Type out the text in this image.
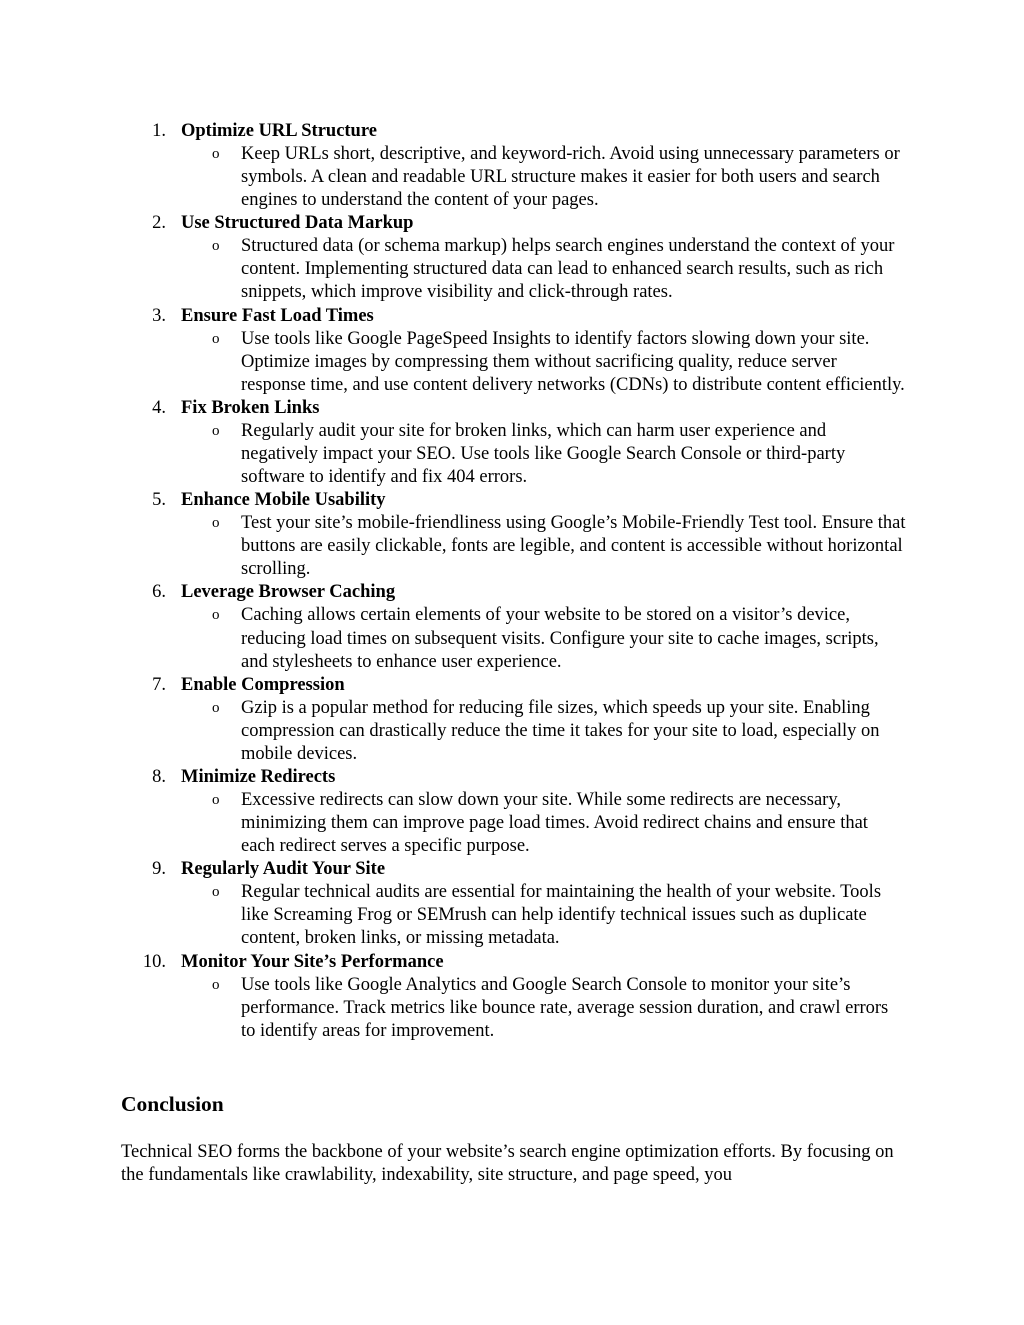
1. Optimize URL Structure
o Keep URLs short, descriptive, and keyword-rich. Avoid using unnecessary parameters or symbols. A clean and readable URL structure makes it easier for both users and search engines to understand the content of your pages.

2. Use Structured Data Markup
o Structured data (or schema markup) helps search engines understand the context of your content. Implementing structured data can lead to enhanced search results, such as rich snippets, which improve visibility and click-through rates.

3. Ensure Fast Load Times
o Use tools like Google PageSpeed Insights to identify factors slowing down your site. Optimize images by compressing them without sacrificing quality, reduce server response time, and use content delivery networks (CDNs) to distribute content efficiently.

4. Fix Broken Links
o Regularly audit your site for broken links, which can harm user experience and negatively impact your SEO. Use tools like Google Search Console or third-party software to identify and fix 404 errors.

5. Enhance Mobile Usability
o Test your site’s mobile-friendliness using Google’s Mobile-Friendly Test tool. Ensure that buttons are easily clickable, fonts are legible, and content is accessible without horizontal scrolling.

6. Leverage Browser Caching
o Caching allows certain elements of your website to be stored on a visitor’s device, reducing load times on subsequent visits. Configure your site to cache images, scripts, and stylesheets to enhance user experience.

7. Enable Compression
o Gzip is a popular method for reducing file sizes, which speeds up your site. Enabling compression can drastically reduce the time it takes for your site to load, especially on mobile devices.

8. Minimize Redirects
o Excessive redirects can slow down your site. While some redirects are necessary, minimizing them can improve page load times. Avoid redirect chains and ensure that each redirect serves a specific purpose.

9. Regularly Audit Your Site
o Regular technical audits are essential for maintaining the health of your website. Tools like Screaming Frog or SEMrush can help identify technical issues such as duplicate content, broken links, or missing metadata.

10. Monitor Your Site’s Performance
o Use tools like Google Analytics and Google Search Console to monitor your site’s performance. Track metrics like bounce rate, average session duration, and crawl errors to identify areas for improvement.

Conclusion

Technical SEO forms the backbone of your website’s search engine optimization efforts. By focusing on the fundamentals like crawlability, indexability, site structure, and page speed, you
